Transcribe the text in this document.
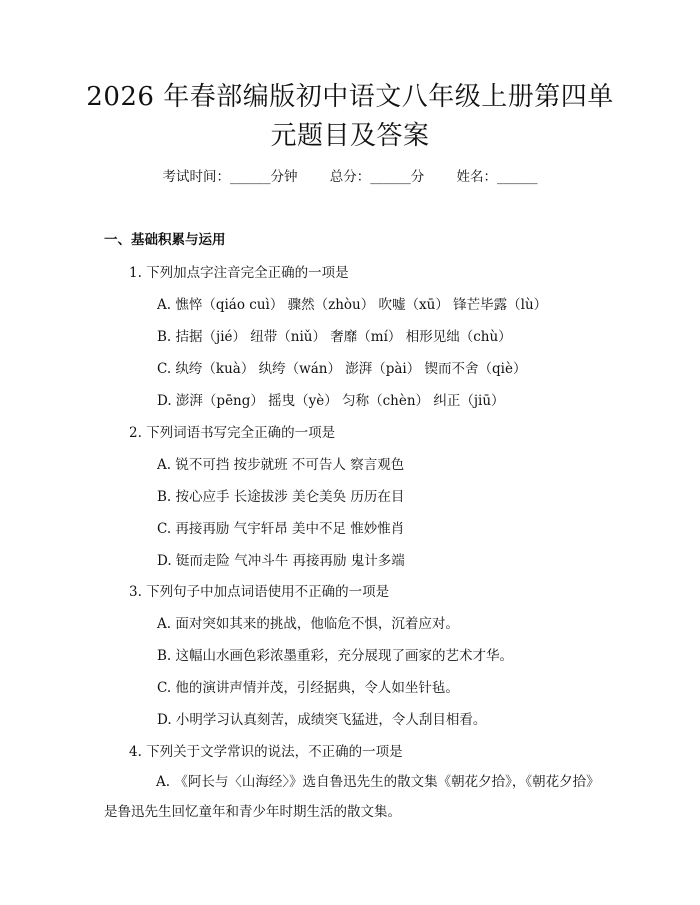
2026 年春部编版初中语文八年级上册第四单
元题目及答案
考试时间：______分钟 总分：______分 姓名：______
一、基础积累与运用
1. 下列加点字注音完全正确的一项是
A. 憔悴（qiáo cuì） 骤然（zhòu） 吹嘘（xū） 锋芒毕露（lù）
B. 拮据（jié） 纽带（niǔ） 奢靡（mí） 相形见绌（chù）
C. 纨绔（kuà） 纨绔（wán） 澎湃（pài） 锲而不舍（qiè）
D. 澎湃（pēng） 摇曳（yè） 匀称（chèn） 纠正（jiū）
2. 下列词语书写完全正确的一项是
A. 锐不可挡 按步就班 不可告人 察言观色
B. 按心应手 长途拔涉 美仑美奂 历历在目
C. 再接再励 气宇轩昂 美中不足 惟妙惟肖
D. 铤而走险 气冲斗牛 再接再励 鬼计多端
3. 下列句子中加点词语使用不正确的一项是
A. 面对突如其来的挑战，他临危不惧，沉着应对。
B. 这幅山水画色彩浓墨重彩，充分展现了画家的艺术才华。
C. 他的演讲声情并茂，引经据典，令人如坐针毡。
D. 小明学习认真刻苦，成绩突飞猛进，令人刮目相看。
4. 下列关于文学常识的说法，不正确的一项是
A. 《阿长与〈山海经〉》选自鲁迅先生的散文集《朝花夕拾》，《朝花夕拾》是鲁迅先生回忆童年和青少年时期生活的散文集。
